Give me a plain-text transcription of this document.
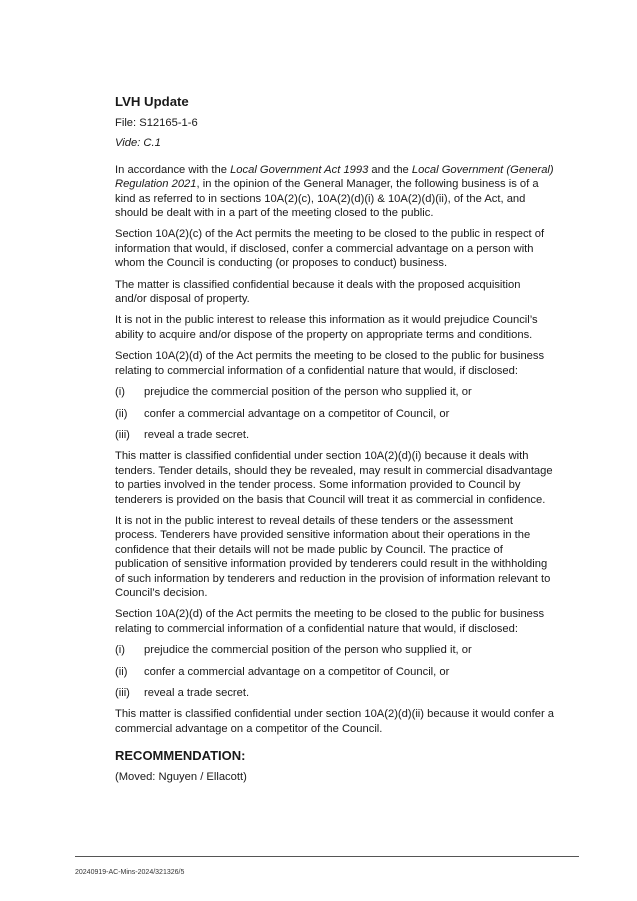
LVH Update
File: S12165-1-6
Vide: C.1

In accordance with the Local Government Act 1993 and the Local Government (General) Regulation 2021, in the opinion of the General Manager, the following business is of a kind as referred to in sections 10A(2)(c), 10A(2)(d)(i) & 10A(2)(d)(ii), of the Act, and should be dealt with in a part of the meeting closed to the public.

Section 10A(2)(c) of the Act permits the meeting to be closed to the public in respect of information that would, if disclosed, confer a commercial advantage on a person with whom the Council is conducting (or proposes to conduct) business.

The matter is classified confidential because it deals with the proposed acquisition and/or disposal of property.

It is not in the public interest to release this information as it would prejudice Council’s ability to acquire and/or dispose of the property on appropriate terms and conditions.

Section 10A(2)(d) of the Act permits the meeting to be closed to the public for business relating to commercial information of a confidential nature that would, if disclosed:

(i) prejudice the commercial position of the person who supplied it, or
(ii) confer a commercial advantage on a competitor of Council, or
(iii) reveal a trade secret.

This matter is classified confidential under section 10A(2)(d)(i) because it deals with tenders. Tender details, should they be revealed, may result in commercial disadvantage to parties involved in the tender process. Some information provided to Council by tenderers is provided on the basis that Council will treat it as commercial in confidence.

It is not in the public interest to reveal details of these tenders or the assessment process. Tenderers have provided sensitive information about their operations in the confidence that their details will not be made public by Council. The practice of publication of sensitive information provided by tenderers could result in the withholding of such information by tenderers and reduction in the provision of information relevant to Council’s decision.

Section 10A(2)(d) of the Act permits the meeting to be closed to the public for business relating to commercial information of a confidential nature that would, if disclosed:

(i) prejudice the commercial position of the person who supplied it, or
(ii) confer a commercial advantage on a competitor of Council, or
(iii) reveal a trade secret.

This matter is classified confidential under section 10A(2)(d)(ii) because it would confer a commercial advantage on a competitor of the Council.

RECOMMENDATION:
(Moved: Nguyen / Ellacott)
20240919-AC-Mins-2024/321326/5
